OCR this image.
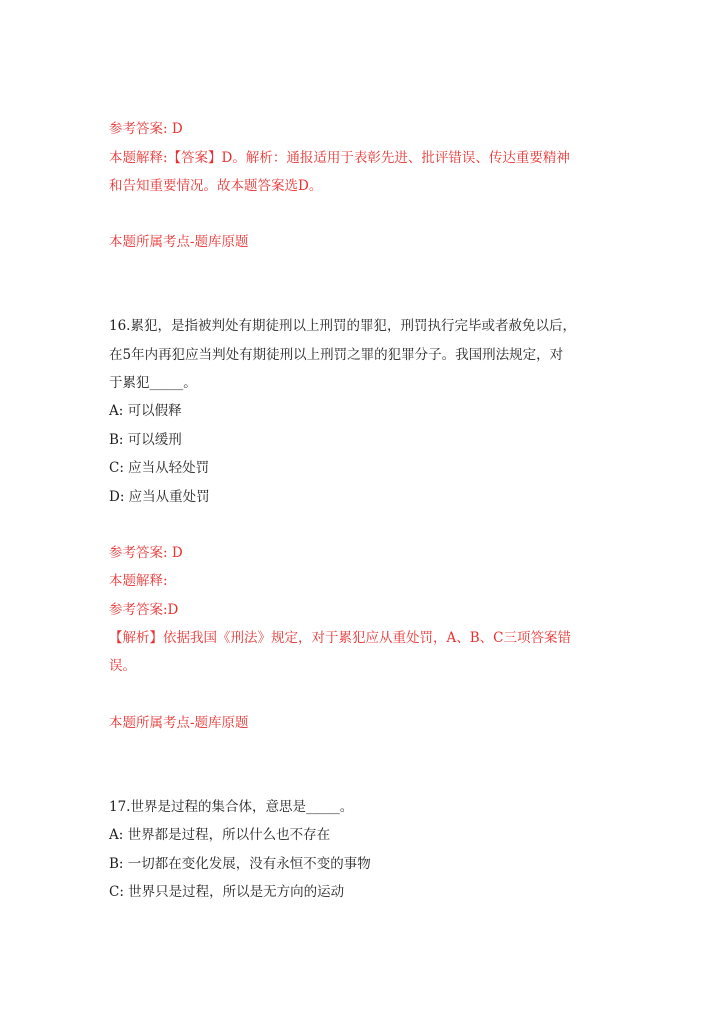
参考答案: D
本题解释:【答案】D。解析：通报适用于表彰先进、批评错误、传达重要精神
和告知重要情况。故本题答案选D。
本题所属考点-题库原题
16.累犯，是指被判处有期徒刑以上刑罚的罪犯，刑罚执行完毕或者赦免以后，
在5年内再犯应当判处有期徒刑以上刑罚之罪的犯罪分子。我国刑法规定，对
于累犯_____。
A: 可以假释
B: 可以缓刑
C: 应当从轻处罚
D: 应当从重处罚
参考答案: D
本题解释:
参考答案:D
【解析】依据我国《刑法》规定，对于累犯应从重处罚，A、B、C三项答案错
误。
本题所属考点-题库原题
17.世界是过程的集合体，意思是_____。
A: 世界都是过程，所以什么也不存在
B: 一切都在变化发展，没有永恒不变的事物
C: 世界只是过程，所以是无方向的运动
